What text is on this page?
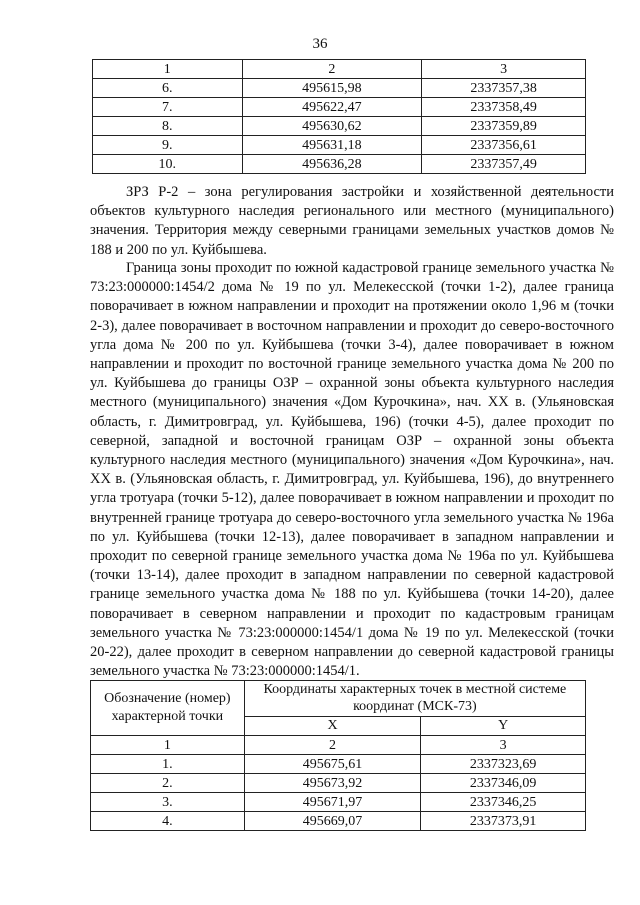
36
1	2	3
6.	495615,98	2337357,38
7.	495622,47	2337358,49
8.	495630,62	2337359,89
9.	495631,18	2337356,61
10.	495636,28	2337357,49

ЗРЗ Р-2 – зона регулирования застройки и хозяйственной деятельности объектов культурного наследия регионального или местного (муниципального) значения. Территория между северными границами земельных участков домов № 188 и 200 по ул. Куйбышева.

Граница зоны проходит по южной кадастровой границе земельного участка № 73:23:000000:1454/2 дома № 19 по ул. Мелекесской (точки 1-2), далее граница поворачивает в южном направлении и проходит на протяжении около 1,96 м (точки 2-3), далее поворачивает в восточном направлении и проходит до северо-восточного угла дома № 200 по ул. Куйбышева (точки 3-4), далее поворачивает в южном направлении и проходит по восточной границе земельного участка дома № 200 по ул. Куйбышева до границы ОЗР – охранной зоны объекта культурного наследия местного (муниципального) значения «Дом Курочкина», нач. XX в. (Ульяновская область, г. Димитровград, ул. Куйбышева, 196) (точки 4-5), далее проходит по северной, западной и восточной границам ОЗР – охранной зоны объекта культурного наследия местного (муниципального) значения «Дом Курочкина», нач. XX в. (Ульяновская область, г. Димитровград, ул. Куйбышева, 196), до внутреннего угла тротуара (точки 5-12), далее поворачивает в южном направлении и проходит по внутренней границе тротуара до северо-восточного угла земельного участка № 196а по ул. Куйбышева (точки 12-13), далее поворачивает в западном направлении и проходит по северной границе земельного участка дома № 196а по ул. Куйбышева (точки 13-14), далее проходит в западном направлении по северной кадастровой границе земельного участка дома № 188 по ул. Куйбышева (точки 14-20), далее поворачивает в северном направлении и проходит по кадастровым границам земельного участка № 73:23:000000:1454/1 дома № 19 по ул. Мелекесской (точки 20-22), далее проходит в северном направлении до северной кадастровой границы земельного участка № 73:23:000000:1454/1.

Обозначение (номер) характерной точки	Координаты характерных точек в местной системе координат (МСК-73)	
	X	Y
1	2	3
1.	495675,61	2337323,69
2.	495673,92	2337346,09
3.	495671,97	2337346,25
4.	495669,07	2337373,91
